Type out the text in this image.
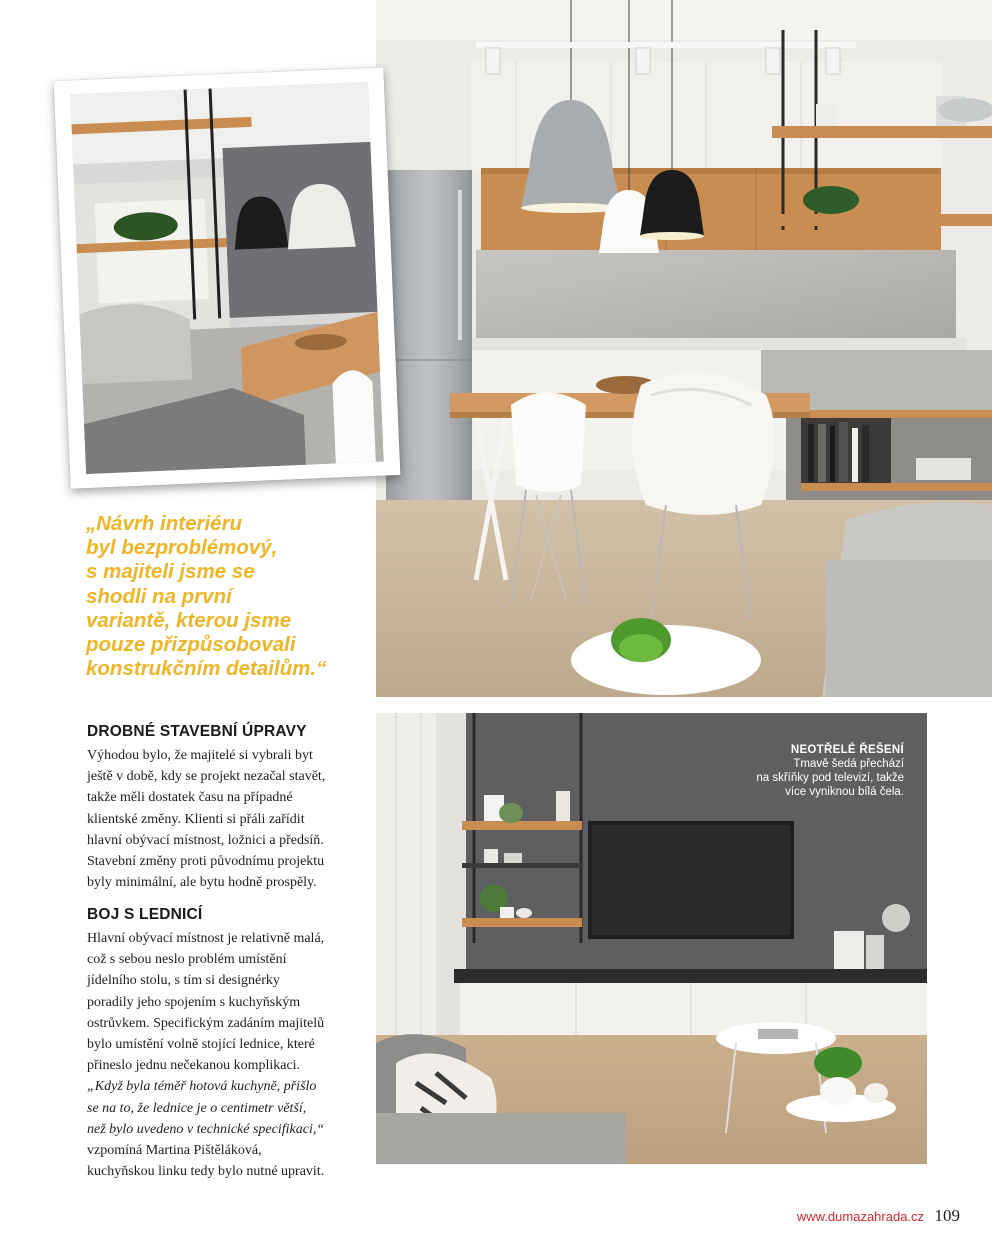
„Návrh interiéru
byl bezproblémový,
s majiteli jsme se
shodli na první
variantě, kterou jsme
pouze přizpůsobovali
konstrukčním detailům.“
DROBNÉ STAVEBNÍ ÚPRAVY
Výhodou bylo, že majitelé si vybrali byt
ještě v době, kdy se projekt nezačal stavět,
takže měli dostatek času na případné
klientské změny. Klienti si přáli zařídit
hlavní obývací místnost, ložnici a předsíň.
Stavební změny proti původnímu projektu
byly minimální, ale bytu hodně prospěly.
BOJ S LEDNICÍ
Hlavní obývací místnost je relativně malá,
což s sebou neslo problém umístění
jídelního stolu, s tím si designérky
poradily jeho spojením s kuchyňským
ostrůvkem. Specifickým zadáním majitelů
bylo umístění volně stojící lednice, které
přineslo jednu nečekanou komplikaci.
„Když byla téměř hotová kuchyně, přišlo
se na to, že lednice je o centimetr větší,
než bylo uvedeno v technické specifikaci,“
vzpomíná Martina Pištěláková,
kuchyňskou linku tedy bylo nutné upravit.
NEOTŘELÉ ŘEŠENÍ
Tmavě šedá přechází
na skříňky pod televizí, takže
více vyniknou bílá čela.
www.dumazahrada.cz 109
